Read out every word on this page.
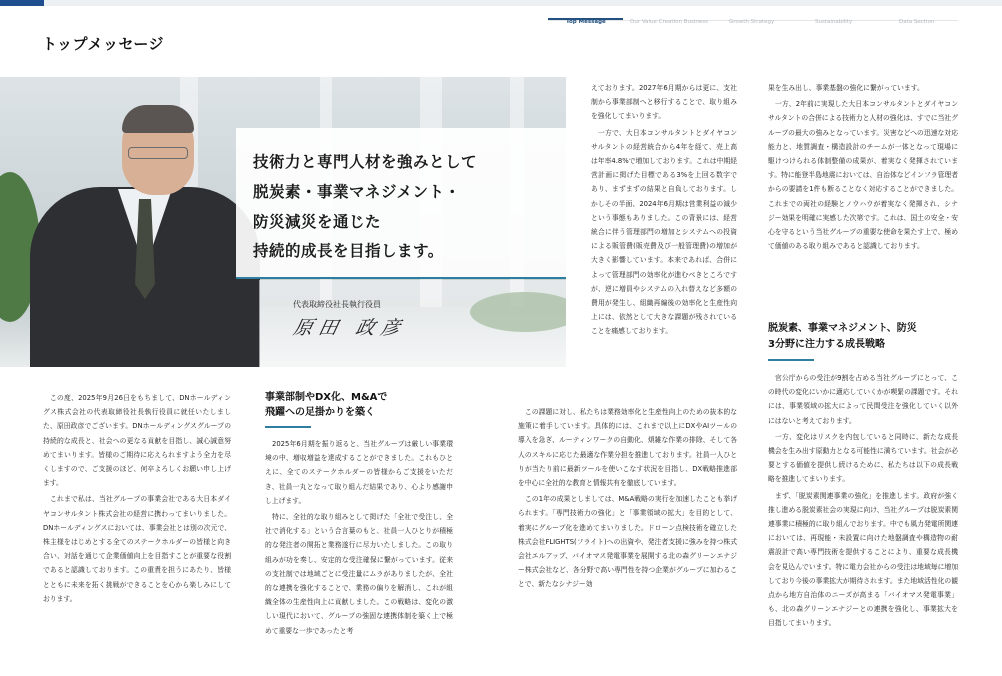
Top Message	Our Value Creation Business	Growth Strategy	Sustainability	Data Section
トップメッセージ
技術力と専門人材を強みとして
脱炭素・事業マネジメント・
防災減災を通じた
持続的成長を目指します。
代表取締役社長執行役員
原田 政彦

この度、2025年9月26日をもちまして、DNホールディングス株式会社の代表取締役社長執行役員に就任いたしました、原田政彦でございます。DNホールディングスグループの持続的な成長と、社会への更なる貢献を目指し、誠心誠意努めてまいります。皆様のご期待に応えられますよう全力を尽くしますので、ご支援のほど、何卒よろしくお願い申し上げます。

これまで私は、当社グループの事業会社である大日本ダイヤコンサルタント株式会社の経営に携わってまいりました。DNホールディングスにおいては、事業会社とは別の次元で、株主様をはじめとする全てのステークホルダーの皆様と向き合い、対話を通じて企業価値向上を目指すことが重要な役割であると認識しております。この重責を担うにあたり、皆様とともに未来を拓く挑戦ができることを心から楽しみにしております。

事業部制やDX化、M&Aで
飛躍への足掛かりを築く

2025年6月期を振り返ると、当社グループは厳しい事業環境の中、増収増益を達成することができました。これもひとえに、全てのステークホルダーの皆様からご支援をいただき、社員一丸となって取り組んだ結果であり、心より感謝申し上げます。

特に、全社的な取り組みとして掲げた「全社で受注し、全社で消化する」という合言葉のもと、社員一人ひとりが積極的な発注者の開拓と業務遂行に尽力いたしました。この取り組みが功を奏し、安定的な受注確保に繋がっています。従来の支社制では地域ごとに受注量にムラがありましたが、全社的な連携を強化することで、業務の偏りを解消し、これが組織全体の生産性向上に貢献しました。この戦略は、変化の激しい現代において、グループの強固な連携体制を築く上で極めて重要な一歩であったと考

えております。2027年6月期からは更に、支社制から事業部制へと移行することで、取り組みを強化してまいります。

一方で、大日本コンサルタントとダイヤコンサルタントの経営統合から4年を経て、売上高は年率4.8%で増加しております。これは中期経営計画に掲げた目標である3%を上回る数字であり、まずまずの結果と自負しております。しかしその半面、2024年6月期は営業利益の減少という事態もありました。この背景には、経営統合に伴う管理部門の増加とシステムへの投資による販管費(販売費及び一般管理費)の増加が大きく影響しています。本来であれば、合併によって管理部門の効率化が進むべきところですが、逆に増員やシステムの入れ替えなど多額の費用が発生し、組織再編後の効率化と生産性向上には、依然として大きな課題が残されていることを痛感しております。

この課題に対し、私たちは業務効率化と生産性向上のための抜本的な施策に着手しています。具体的には、これまで以上にDXやAIツールの導入を急ぎ、ルーティンワークの自動化、煩雑な作業の排除、そして各人のスキルに応じた最適な作業分担を推進しております。社員一人ひとりが当たり前に最新ツールを使いこなす状況を目指し、DX戦略推進部を中心に全社的な教育と情報共有を徹底しています。

この1年の成果としましては、M&A戦略の実行を加速したことも挙げられます。「専門技術力の強化」と「事業領域の拡大」を目的として、着実にグループ化を進めてまいりました。ドローン点検技術を確立した株式会社FLIGHTS(フライト)への出資や、発注者支援に強みを持つ株式会社エルアップ、バイオマス発電事業を展開する北の森グリーンエナジー株式会社など、各分野で高い専門性を持つ企業がグループに加わることで、新たなシナジー効

果を生み出し、事業基盤の強化に繋がっています。

一方、2年前に実現した大日本コンサルタントとダイヤコンサルタントの合併による技術力と人材の強化は、すでに当社グループの最大の強みとなっています。災害などへの迅速な対応能力と、地質調査・構造設計のチームが一体となって現場に駆けつけられる体制整備の成果が、着実なく発揮されています。特に能登半島地震においては、自治体などインフラ管理者からの要請を1件も断ることなく対応することができました。これまでの両社の経験とノウハウが着実なく発揮され、シナジー効果を明確に実感した次第です。これは、国土の安全・安心を守るという当社グループの重要な使命を果たす上で、極めて価値のある取り組みであると認識しております。

脱炭素、事業マネジメント、防災
3分野に注力する成長戦略

官公庁からの受注が9割を占める当社グループにとって、この時代の変化にいかに適応していくかが喫緊の課題です。それには、事業領域の拡大によって民間受注を強化していく以外にはないと考えております。

一方、変化はリスクを内包していると同時に、新たな成長機会を生み出す原動力となる可能性に満ちています。社会が必要とする価値を提供し続けるために、私たちは以下の成長戦略を推進してまいります。

まず、「脱炭素関連事業の強化」を推進します。政府が強く推し進める脱炭素社会の実現に向け、当社グループは脱炭素関連事業に積極的に取り組んでおります。中でも風力発電所関連においては、再現能・未設置に向けた地盤調査や構造物の耐震設計で高い専門技術を提供することにより、重要な成長機会を見込んでいます。特に電力会社からの受注は地域毎に増加しており今後の事業拡大が期待されます。また地域活性化の観点から地方自治体のニーズが高まる「バイオマス発電事業」も、北の森グリーンエナジーとの連携を強化し、事業拡大を目指してまいります。
